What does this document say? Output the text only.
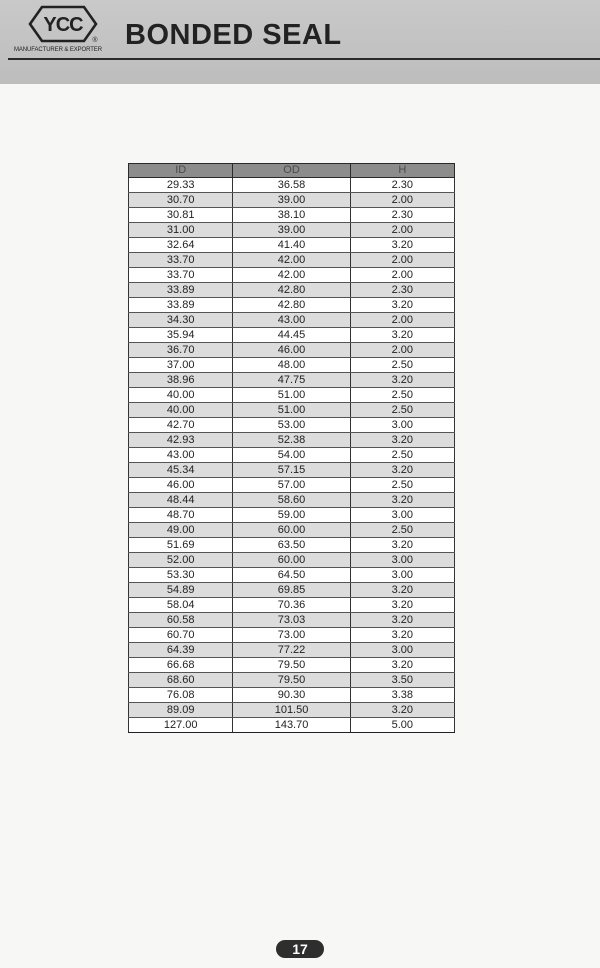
YCC
®
MANUFACTURER & EXPORTER BONDED SEAL
ID	OD	H
29.33	36.58	2.30
30.70	39.00	2.00
30.81	38.10	2.30
31.00	39.00	2.00
32.64	41.40	3.20
33.70	42.00	2.00
33.70	42.00	2.00
33.89	42.80	2.30
33.89	42.80	3.20
34.30	43.00	2.00
35.94	44.45	3.20
36.70	46.00	2.00
37.00	48.00	2.50
38.96	47.75	3.20
40.00	51.00	2.50
40.00	51.00	2.50
42.70	53.00	3.00
42.93	52.38	3.20
43.00	54.00	2.50
45.34	57.15	3.20
46.00	57.00	2.50
48.44	58.60	3.20
48.70	59.00	3.00
49.00	60.00	2.50
51.69	63.50	3.20
52.00	60.00	3.00
53.30	64.50	3.00
54.89	69.85	3.20
58.04	70.36	3.20
60.58	73.03	3.20
60.70	73.00	3.20
64.39	77.22	3.00
66.68	79.50	3.20
68.60	79.50	3.50
76.08	90.30	3.38
89.09	101.50	3.20
127.00	143.70	5.00
17
